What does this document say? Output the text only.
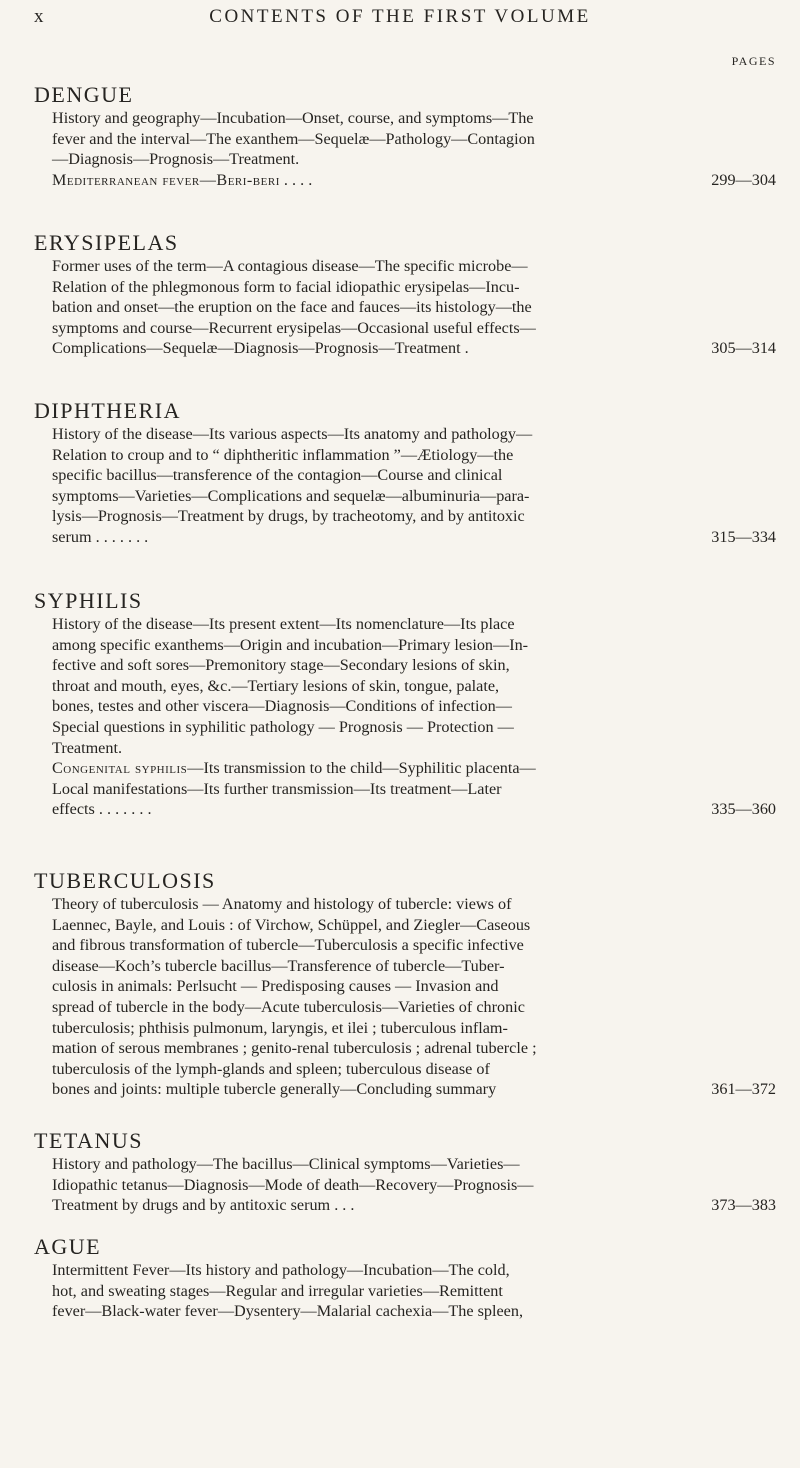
x	CONTENTS OF THE FIRST VOLUME
PAGES
DENGUE
History and geography—Incubation—Onset, course, and symptoms—The
fever and the interval—The exanthem—Sequelæ—Pathology—Contagion
—Diagnosis—Prognosis—Treatment.
Mediterranean fever—Beri-beri . . . .	299—304
ERYSIPELAS
Former uses of the term—A contagious disease—The specific microbe—
Relation of the phlegmonous form to facial idiopathic erysipelas—Incu-
bation and onset—the eruption on the face and fauces—its histology—the
symptoms and course—Recurrent erysipelas—Occasional useful effects—
Complications—Sequelæ—Diagnosis—Prognosis—Treatment .	305—314
DIPHTHERIA
History of the disease—Its various aspects—Its anatomy and pathology—
Relation to croup and to “ diphtheritic inflammation ”—Ætiology—the
specific bacillus—transference of the contagion—Course and clinical
symptoms—Varieties—Complications and sequelæ—albuminuria—para-
lysis—Prognosis—Treatment by drugs, by tracheotomy, and by antitoxic
serum . . . . . . .	315—334
SYPHILIS
History of the disease—Its present extent—Its nomenclature—Its place
among specific exanthems—Origin and incubation—Primary lesion—In-
fective and soft sores—Premonitory stage—Secondary lesions of skin,
throat and mouth, eyes, &c.—Tertiary lesions of skin, tongue, palate,
bones, testes and other viscera—Diagnosis—Conditions of infection—
Special questions in syphilitic pathology — Prognosis — Protection —
Treatment.
Congenital syphilis—Its transmission to the child—Syphilitic placenta—
Local manifestations—Its further transmission—Its treatment—Later
effects . . . . . . .	335—360
TUBERCULOSIS
Theory of tuberculosis — Anatomy and histology of tubercle: views of
Laennec, Bayle, and Louis : of Virchow, Schüppel, and Ziegler—Caseous
and fibrous transformation of tubercle—Tuberculosis a specific infective
disease—Koch’s tubercle bacillus—Transference of tubercle—Tuber-
culosis in animals: Perlsucht — Predisposing causes — Invasion and
spread of tubercle in the body—Acute tuberculosis—Varieties of chronic
tuberculosis; phthisis pulmonum, laryngis, et ilei ; tuberculous inflam-
mation of serous membranes ; genito-renal tuberculosis ; adrenal tubercle ;
tuberculosis of the lymph-glands and spleen; tuberculous disease of
bones and joints: multiple tubercle generally—Concluding summary	361—372
TETANUS
History and pathology—The bacillus—Clinical symptoms—Varieties—
Idiopathic tetanus—Diagnosis—Mode of death—Recovery—Prognosis—
Treatment by drugs and by antitoxic serum . . .	373—383
AGUE
Intermittent Fever—Its history and pathology—Incubation—The cold,
hot, and sweating stages—Regular and irregular varieties—Remittent
fever—Black-water fever—Dysentery—Malarial cachexia—The spleen,
